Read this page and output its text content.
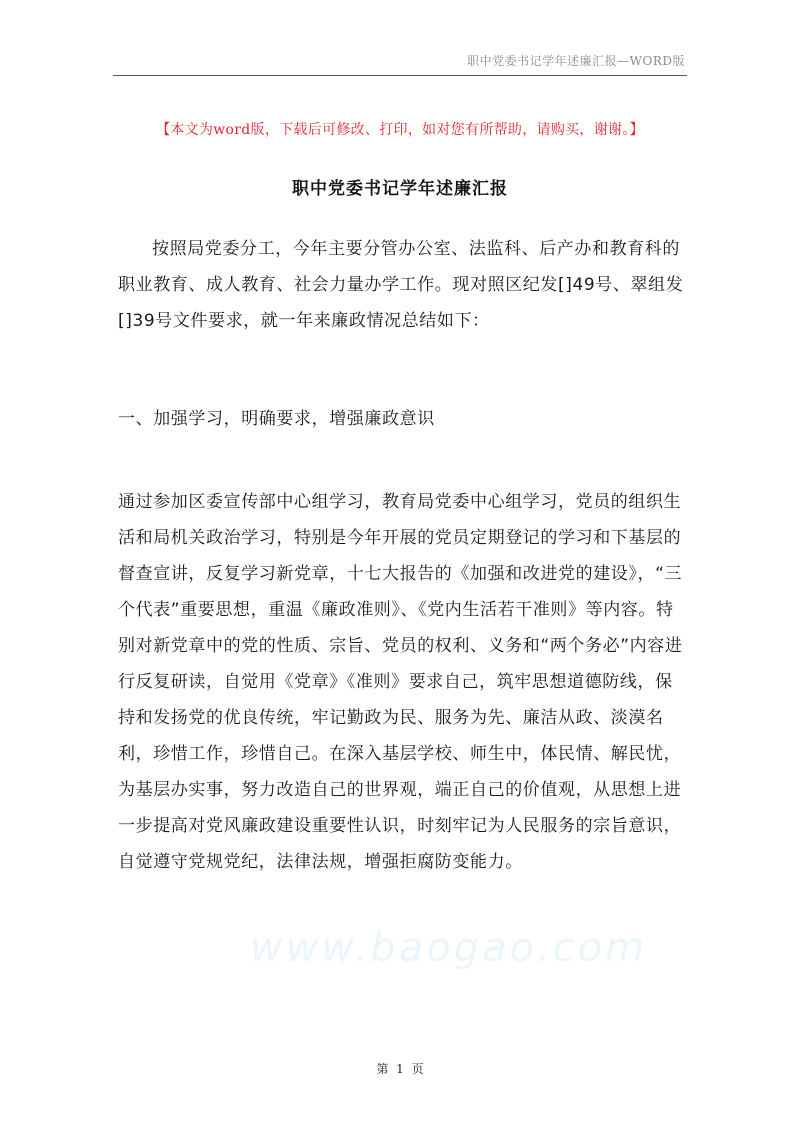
职中党委书记学年述廉汇报—WORD版
【本文为word版，下载后可修改、打印，如对您有所帮助，请购买，谢谢。】
职中党委书记学年述廉汇报

按照局党委分工，今年主要分管办公室、法监科、后产办和教育科的职业教育、成人教育、社会力量办学工作。现对照区纪发[]49号、翠组发[]39号文件要求，就一年来廉政情况总结如下：

一、加强学习，明确要求，增强廉政意识

通过参加区委宣传部中心组学习，教育局党委中心组学习，党员的组织生活和局机关政治学习，特别是今年开展的党员定期登记的学习和下基层的督查宣讲，反复学习新党章，十七大报告的《加强和改进党的建设》，“三个代表”重要思想，重温《廉政准则》、《党内生活若干准则》等内容。特别对新党章中的党的性质、宗旨、党员的权利、义务和“两个务必”内容进行反复研读，自觉用《党章》《准则》要求自己，筑牢思想道德防线，保持和发扬党的优良传统，牢记勤政为民、服务为先、廉洁从政、淡漠名利，珍惜工作，珍惜自己。在深入基层学校、师生中，体民情、解民忧，为基层办实事，努力改造自己的世界观，端正自己的价值观，从思想上进一步提高对党风廉政建设重要性认识，时刻牢记为人民服务的宗旨意识，自觉遵守党规党纪，法律法规，增强拒腐防变能力。

www.baogao.com
第 1 页
